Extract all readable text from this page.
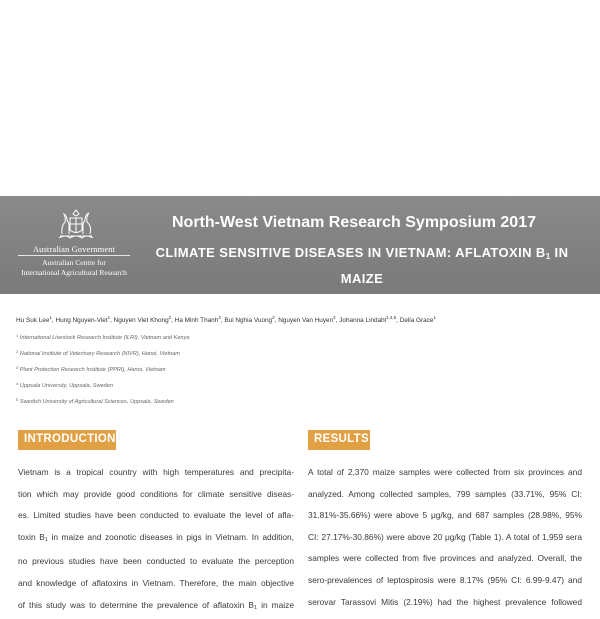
Australian Government
Australian Centre for
International Agricultural Research
North-West Vietnam Research Symposium 2017
CLIMATE SENSITIVE DISEASES IN VIETNAM: AFLATOXIN $B_1$ IN MAIZE
AND ZOONOTIC DISEASES IN PIGS
Hu Suk Lee$^1$, Hung Nguyen-Viet$^1$, Nguyen Viet Khong$^2$, Ha Minh Thanh$^3$, Bui Nghia Vuong$^2$, Nguyen Van Huyen$^2$, Johanna Lindahl$^{1,4,5}$, Delia Grace$^1$
$^1$ International Livestock Research Institute (ILRI), Vietnam and Kenya
$^2$ National Institute of Veterinary Research (NIVR), Hanoi, Vietnam
$^3$ Plant Protection Research Institute (PPRI), Hanoi, Vietnam
$^4$ Uppsala University, Uppsala, Sweden
$^5$ Swedish University of Agricultural Sciences, Uppsala, Sweden
INTRODUCTION	RESULTS
Vietnam is a tropical country with high temperatures and precipita-
tion which may provide good conditions for climate sensitive diseas-
es. Limited studies have been conducted to evaluate the level of afla-
toxin $B_1$ in maize and zoonotic diseases in pigs in Vietnam. In addition,
no previous studies have been conducted to evaluate the perception
and knowledge of aflatoxins in Vietnam. Therefore, the main objective
of this study was to determine the prevalence of aflatoxin $B_1$ in maize
A total of 2,370 maize samples were collected from six provinces and
analyzed. Among collected samples, 799 samples (33.71%, 95% CI:
31.81%-35.66%) were above 5 μg/kg, and 687 samples (28.98%, 95%
CI: 27.17%-30.86%) were above 20 μg/kg (Table 1). A total of 1,959 sera
samples were collected from five provinces and analyzed. Overall, the
sero-prevalences of leptospirosis were 8.17% (95% CI: 6.99-9.47) and
serovar Tarassovi Mitis (2.19%) had the highest prevalence followed
